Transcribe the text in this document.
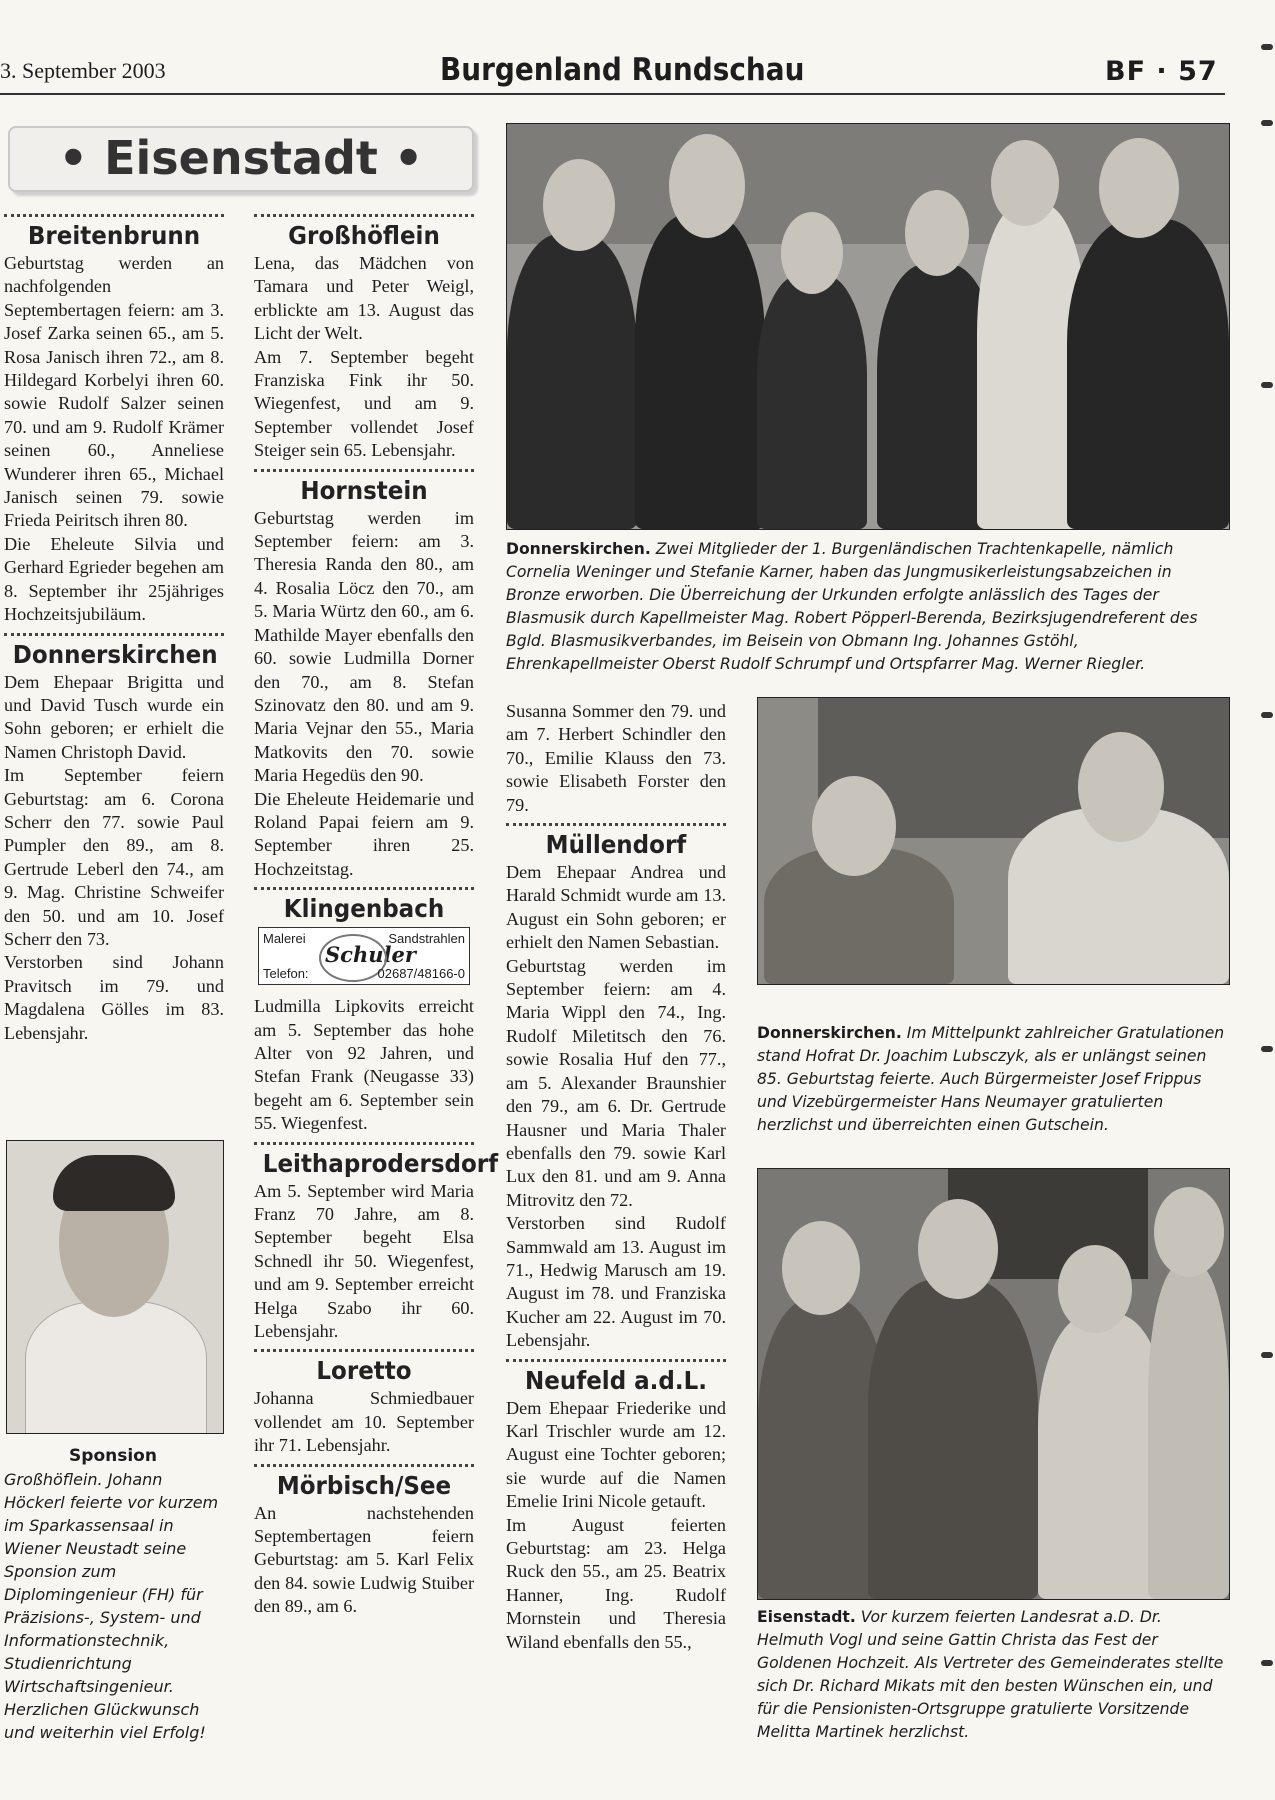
3. September 2003	Burgenland Rundschau	BF · 57
• Eisenstadt •
Breitenbrunn

Geburtstag werden an nachfolgenden Septembertagen feiern: am 3. Josef Zarka seinen 65., am 5. Rosa Janisch ihren 72., am 8. Hildegard Korbelyi ihren 60. sowie Rudolf Salzer seinen 70. und am 9. Rudolf Krämer seinen 60., Anneliese Wunderer ihren 65., Michael Janisch seinen 79. sowie Frieda Peiritsch ihren 80.

Die Eheleute Silvia und Gerhard Egrieder begehen am 8. September ihr 25jähriges Hochzeitsjubiläum.

Donnerskirchen

Dem Ehepaar Brigitta und und David Tusch wurde ein Sohn geboren; er erhielt die Namen Christoph David.

Im September feiern Geburtstag: am 6. Corona Scherr den 77. sowie Paul Pumpler den 89., am 8. Gertrude Leberl den 74., am 9. Mag. Christine Schweifer den 50. und am 10. Josef Scherr den 73.

Verstorben sind Johann Pravitsch im 79. und Magdalena Gölles im 83. Lebensjahr.

Sponsion

Großhöflein. Johann Höckerl feierte vor kurzem im Sparkassensaal in Wiener Neustadt seine Sponsion zum Diplomingenieur (FH) für Präzisions-, System- und Informationstechnik, Studienrichtung Wirtschaftsingenieur. Herzlichen Glückwunsch und weiterhin viel Erfolg!

Großhöflein

Lena, das Mädchen von Tamara und Peter Weigl, erblickte am 13. August das Licht der Welt.

Am 7. September begeht Franziska Fink ihr 50. Wiegenfest, und am 9. September vollendet Josef Steiger sein 65. Lebensjahr.

Hornstein

Geburtstag werden im September feiern: am 3. Theresia Randa den 80., am 4. Rosalia Löcz den 70., am 5. Maria Würtz den 60., am 6. Mathilde Mayer ebenfalls den 60. sowie Ludmilla Dorner den 70., am 8. Stefan Szinovatz den 80. und am 9. Maria Vejnar den 55., Maria Matkovits den 70. sowie Maria Hegedüs den 90.

Die Eheleute Heidemarie und Roland Papai feiern am 9. September ihren 25. Hochzeitstag.

Klingenbach
Malerei	Sandstrahlen
Schuler
Telefon:	02687/48166-0

Ludmilla Lipkovits erreicht am 5. September das hohe Alter von 92 Jahren, und Stefan Frank (Neugasse 33) begeht am 6. September sein 55. Wiegenfest.

Leithaprodersdorf

Am 5. September wird Maria Franz 70 Jahre, am 8. September begeht Elsa Schnedl ihr 50. Wiegenfest, und am 9. September erreicht Helga Szabo ihr 60. Lebensjahr.

Loretto

Johanna Schmiedbauer vollendet am 10. September ihr 71. Lebensjahr.

Mörbisch/See

An nachstehenden Septembertagen feiern Geburtstag: am 5. Karl Felix den 84. sowie Ludwig Stuiber den 89., am 6.

Donnerskirchen. Zwei Mitglieder der 1. Burgenländischen Trachtenkapelle, nämlich Cornelia Weninger und Stefanie Karner, haben das Jungmusikerleistungsabzeichen in Bronze erworben. Die Überreichung der Urkunden erfolgte anlässlich des Tages der Blasmusik durch Kapellmeister Mag. Robert Pöpperl-Berenda, Bezirksjugendreferent des Bgld. Blasmusikverbandes, im Beisein von Obmann Ing. Johannes Gstöhl, Ehrenkapellmeister Oberst Rudolf Schrumpf und Ortspfarrer Mag. Werner Riegler.

Susanna Sommer den 79. und am 7. Herbert Schindler den 70., Emilie Klauss den 73. sowie Elisabeth Forster den 79.

Müllendorf

Dem Ehepaar Andrea und Harald Schmidt wurde am 13. August ein Sohn geboren; er erhielt den Namen Sebastian.

Geburtstag werden im September feiern: am 4. Maria Wippl den 74., Ing. Rudolf Miletitsch den 76. sowie Rosalia Huf den 77., am 5. Alexander Braunshier den 79., am 6. Dr. Gertrude Hausner und Maria Thaler ebenfalls den 79. sowie Karl Lux den 81. und am 9. Anna Mitrovitz den 72.

Verstorben sind Rudolf Sammwald am 13. August im 71., Hedwig Marusch am 19. August im 78. und Franziska Kucher am 22. August im 70. Lebensjahr.

Neufeld a.d.L.

Dem Ehepaar Friederike und Karl Trischler wurde am 12. August eine Tochter geboren; sie wurde auf die Namen Emelie Irini Nicole getauft.

Im August feierten Geburtstag: am 23. Helga Ruck den 55., am 25. Beatrix Hanner, Ing. Rudolf Mornstein und Theresia Wiland ebenfalls den 55.,

Donnerskirchen. Im Mittelpunkt zahlreicher Gratulationen stand Hofrat Dr. Joachim Lubsczyk, als er unlängst seinen 85. Geburtstag feierte. Auch Bürgermeister Josef Frippus und Vizebürgermeister Hans Neumayer gratulierten herzlichst und überreichten einen Gutschein.

Eisenstadt. Vor kurzem feierten Landesrat a.D. Dr. Helmuth Vogl und seine Gattin Christa das Fest der Goldenen Hochzeit. Als Vertreter des Gemeinderates stellte sich Dr. Richard Mikats mit den besten Wünschen ein, und für die Pensionisten-Ortsgruppe gratulierte Vorsitzende Melitta Martinek herzlichst.
